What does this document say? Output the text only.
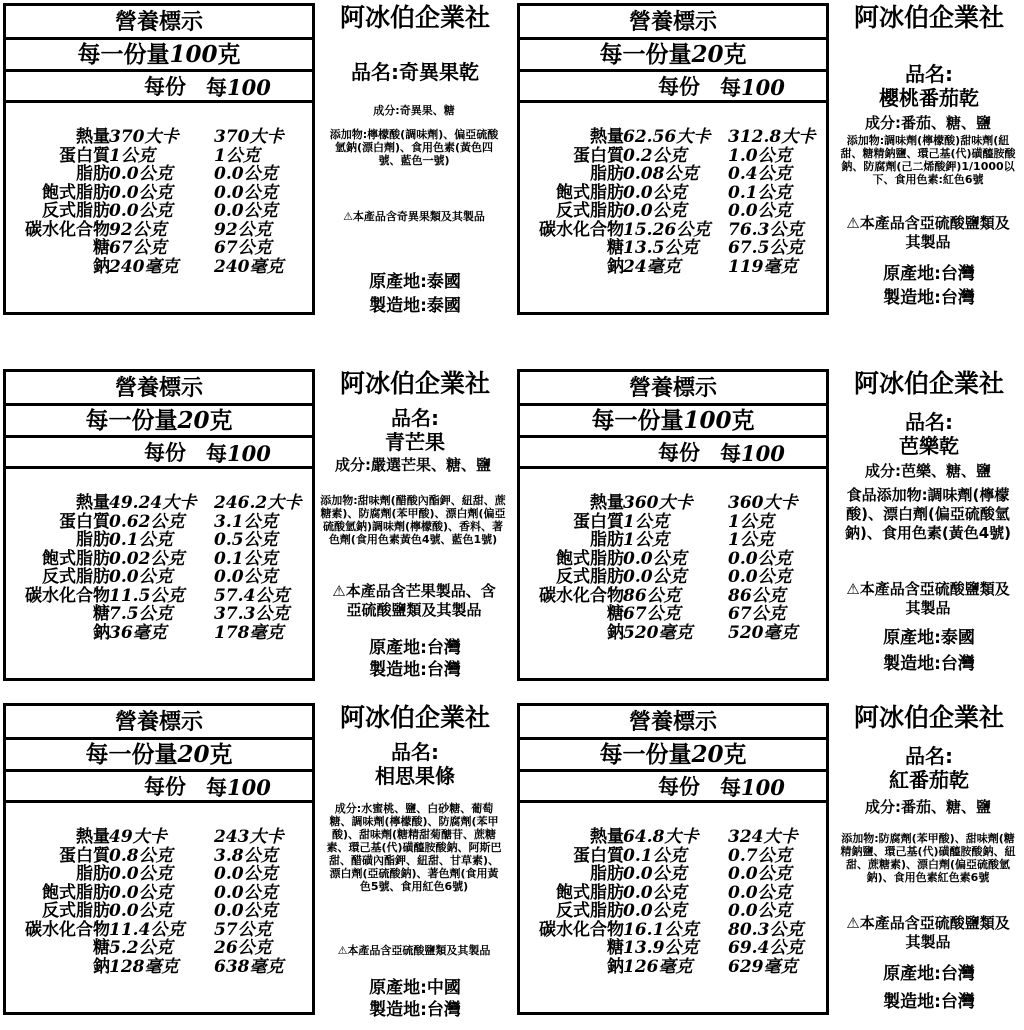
營養標示
每一份量100克
每份 每100
熱量 370大卡 370大卡
蛋白質 1公克	1公克
脂肪 0.0公克 0.0公克
飽式脂肪 0.0公克 0.0公克
反式脂肪 0.0公克 0.0公克
碳水化合物 92公克	92公克
糖 67公克	67公克
鈉 240毫克 240毫克
阿冰伯企業社
品名:奇異果乾
成分:奇異果、糖
添加物:檸檬酸(調味劑)、偏亞硫酸氫鈉(漂白劑)、食用色素(黃色四號、藍色一號)
⚠本產品含奇異果類及其製品
原產地:泰國
製造地:泰國
營養標示
每一份量20克
每份 每100
熱量 62.56大卡 312.8大卡
蛋白質 0.2公克 1.0公克
脂肪 0.08公克 0.4公克
飽式脂肪 0.0公克 0.1公克
反式脂肪 0.0公克 0.0公克
碳水化合物 15.26公克 76.3公克
糖 13.5公克 67.5公克
鈉 24毫克	119毫克
阿冰伯企業社
品名:
櫻桃番茄乾
成分:番茄、糖、鹽
添加物:調味劑(檸檬酸)甜味劑(紐甜、糖精鈉鹽、環己基(代)磺醯胺酸鈉、防腐劑(己二烯酸鉀)1/1000以下、食用色素:紅色6號
⚠本產品含亞硫酸鹽類及其製品
原產地:台灣
製造地:台灣
營養標示
每一份量20克
每份 每100
熱量 49.24大卡 246.2大卡
蛋白質 0.62公克 3.1公克
脂肪 0.1公克 0.5公克
飽式脂肪 0.02公克 0.1公克
反式脂肪 0.0公克 0.0公克
碳水化合物 11.5公克 57.4公克
糖 7.5公克 37.3公克
鈉 36毫克	178毫克
阿冰伯企業社
品名:
青芒果
成分:嚴選芒果、糖、鹽
添加物:甜味劑(醋酸內酯鉀、紐甜、蔗糖素)、防腐劑(苯甲酸)、漂白劑(偏亞硫酸氫鈉)調味劑(檸檬酸)、香料、著色劑(食用色素黃色4號、藍色1號)
⚠本產品含芒果製品、含亞硫酸鹽類及其製品
原產地:台灣
製造地:台灣
營養標示
每一份量100克
每份 每100
熱量 360大卡 360大卡
蛋白質 1公克	1公克
脂肪 1公克	1公克
飽式脂肪 0.0公克 0.0公克
反式脂肪 0.0公克 0.0公克
碳水化合物 86公克	86公克
糖 67公克	67公克
鈉 520毫克 520毫克
阿冰伯企業社
品名:
芭樂乾
成分:芭樂、糖、鹽
食品添加物:調味劑(檸檬酸)、漂白劑(偏亞硫酸氫鈉)、食用色素(黃色4號)
⚠本產品含亞硫酸鹽類及其製品
原產地:泰國
製造地:台灣
營養標示
每一份量20克
每份 每100
熱量 49大卡	243大卡
蛋白質 0.8公克 3.8公克
脂肪 0.0公克 0.0公克
飽式脂肪 0.0公克 0.0公克
反式脂肪 0.0公克 0.0公克
碳水化合物 11.4公克 57公克
糖 5.2公克 26公克
鈉 128毫克 638毫克
阿冰伯企業社
品名:
相思果條
成分:水蜜桃、鹽、白砂糖、葡萄糖、調味劑(檸檬酸)、防腐劑(苯甲酸)、甜味劑(糖精甜菊醣苷、蔗糖素、環己基(代)磺醯胺酸鈉、阿斯巴甜、醋磺內酯鉀、紐甜、甘草素)、漂白劑(亞硫酸鈉)、著色劑(食用黃色5號、食用紅色6號)
⚠本產品含亞硫酸鹽類及其製品
原產地:中國
製造地:台灣
營養標示
每一份量20克
每份 每100
熱量 64.8大卡 324大卡
蛋白質 0.1公克 0.7公克
脂肪 0.0公克 0.0公克
飽式脂肪 0.0公克 0.0公克
反式脂肪 0.0公克 0.0公克
碳水化合物 16.1公克 80.3公克
糖 13.9公克 69.4公克
鈉 126毫克 629毫克
阿冰伯企業社
品名:
紅番茄乾
成分:番茄、糖、鹽
添加物:防腐劑(苯甲酸)、甜味劑(糖精鈉鹽、環己基(代)磺醯胺酸鈉、紐甜、蔗糖素)、漂白劑(偏亞硫酸氫鈉)、食用色素紅色素6號
⚠本產品含亞硫酸鹽類及其製品
原產地:台灣
製造地:台灣
